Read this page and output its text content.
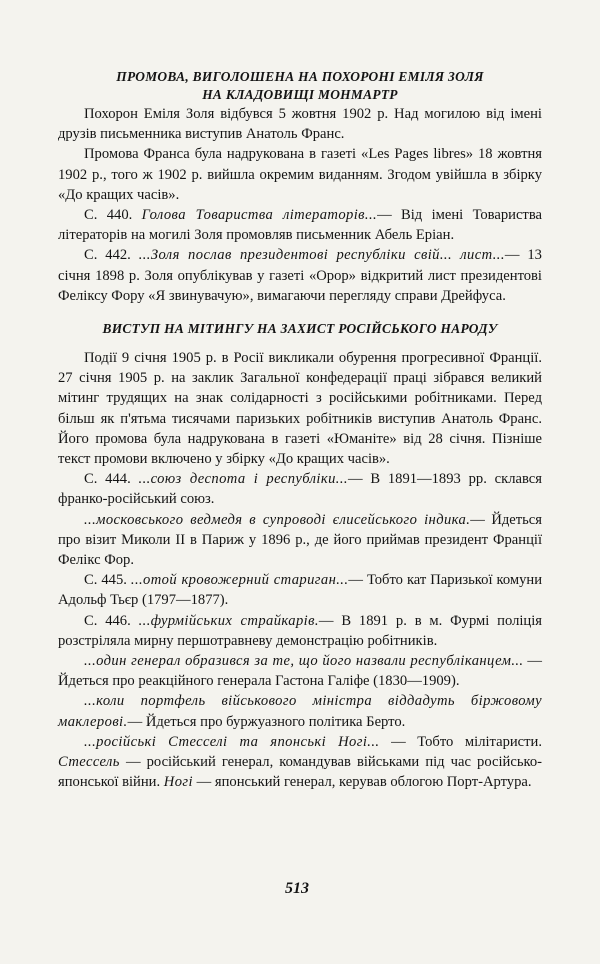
ПРОМОВА, ВИГОЛОШЕНА НА ПОХОРОНІ ЕМІЛЯ ЗОЛЯ
НА КЛАДОВИЩІ МОНМАРТР

Похорон Еміля Золя відбувся 5 жовтня 1902 р. Над могилою від імені друзів письменника виступив Анатоль Франс.

Промова Франса була надрукована в газеті «Les Pages libres» 18 жовтня 1902 р., того ж 1902 р. вийшла окремим виданням. Згодом увійшла в збірку «До кращих часів».

С. 440. Голова Товариства літераторів...— Від імені Товариства літераторів на могилі Золя промовляв письменник Абель Еріан.

С. 442. ...Золя послав президентові республіки свій... лист...— 13 січня 1898 р. Золя опублікував у газеті «Орор» відкритий лист президентові Феліксу Фору «Я звинувачую», вимагаючи перегляду справи Дрейфуса.

ВИСТУП НА МІТИНГУ НА ЗАХИСТ РОСІЙСЬКОГО НАРОДУ

Події 9 січня 1905 р. в Росії викликали обурення прогресивної Франції. 27 січня 1905 р. на заклик Загальної конфедерації праці зібрався великий мітинг трудящих на знак солідарності з російськими робітниками. Перед більш як п'ятьма тисячами паризьких робітників виступив Анатоль Франс. Його промова була надрукована в газеті «Юманіте» від 28 січня. Пізніше текст промови включено у збірку «До кращих часів».

С. 444. ...союз деспота і республіки...— В 1891—1893 рр. склався франко-російський союз.

...московського ведмедя в супроводі єлисейського індика.— Йдеться про візит Миколи II в Париж у 1896 р., де його приймав президент Франції Фелікс Фор.

С. 445. ...отой кровожерний стариган...— Тобто кат Паризької комуни Адольф Тьєр (1797—1877).

С. 446. ...фурмійських страйкарів.— В 1891 р. в м. Фурмі поліція розстріляла мирну першотравневу демонстрацію робітників.

...один генерал образився за те, що його назвали республіканцем... — Йдеться про реакційного генерала Гастона Галіфе (1830—1909).

...коли портфель військового міністра віддадуть біржовому маклерові.— Йдеться про буржуазного політика Берто.

...російські Стесселі та японські Ногі... — Тобто мілітаристи. Стессель — російський генерал, командував військами під час російсько-японської війни. Ногі — японський генерал, керував облогою Порт-Артура.

513
